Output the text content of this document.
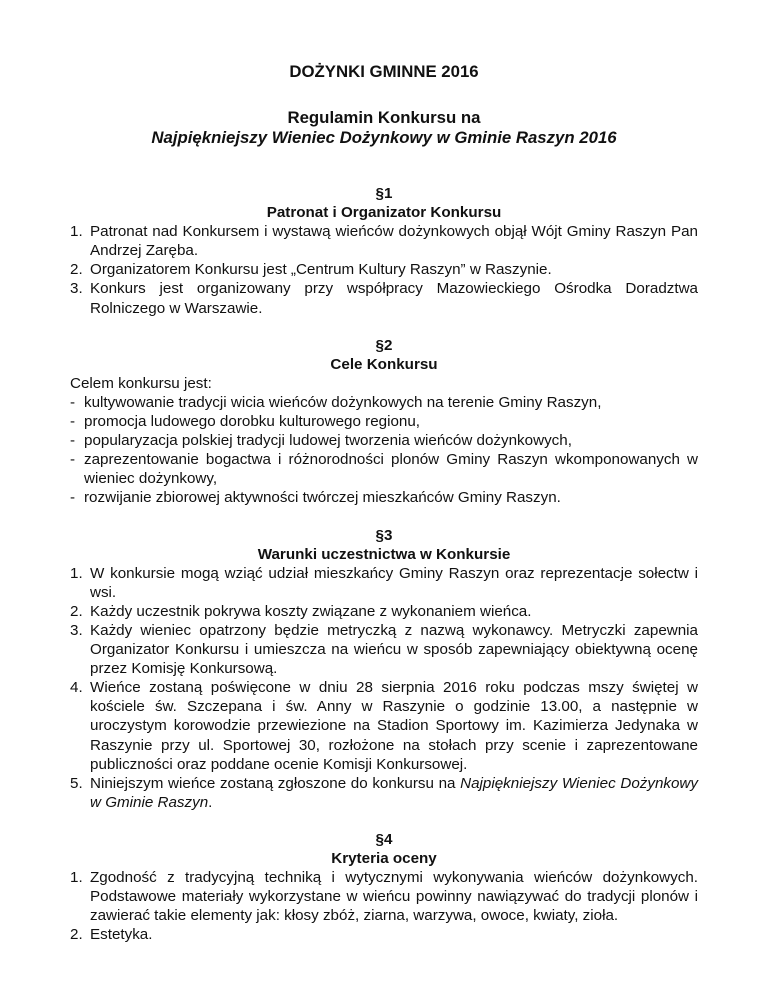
DOŻYNKI GMINNE 2016
Regulamin Konkursu na
Najpiękniejszy Wieniec Dożynkowy w Gminie Raszyn 2016
§1
Patronat i Organizator Konkursu
1. Patronat nad Konkursem i wystawą wieńców dożynkowych objął Wójt Gminy Raszyn Pan Andrzej Zaręba.
2. Organizatorem Konkursu jest „Centrum Kultury Raszyn” w Raszynie.
3. Konkurs jest organizowany przy współpracy Mazowieckiego Ośrodka Doradztwa Rolniczego w Warszawie.
§2
Cele Konkursu
Celem konkursu jest:
- kultywowanie tradycji wicia wieńców dożynkowych na terenie Gminy Raszyn,
- promocja ludowego dorobku kulturowego regionu,
- popularyzacja polskiej tradycji ludowej tworzenia wieńców dożynkowych,
- zaprezentowanie bogactwa i różnorodności plonów Gminy Raszyn wkomponowanych w wieniec dożynkowy,
- rozwijanie zbiorowej aktywności twórczej mieszkańców Gminy Raszyn.
§3
Warunki uczestnictwa w Konkursie
1. W konkursie mogą wziąć udział mieszkańcy Gminy Raszyn oraz reprezentacje sołectw i wsi.
2. Każdy uczestnik pokrywa koszty związane z wykonaniem wieńca.
3. Każdy wieniec opatrzony będzie metryczką z nazwą wykonawcy. Metryczki zapewnia Organizator Konkursu i umieszcza na wieńcu w sposób zapewniający obiektywną ocenę przez Komisję Konkursową.
4. Wieńce zostaną poświęcone w dniu 28 sierpnia 2016 roku podczas mszy świętej w kościele św. Szczepana i św. Anny w Raszynie o godzinie 13.00, a następnie w uroczystym korowodzie przewiezione na Stadion Sportowy im. Kazimierza Jedynaka w Raszynie przy ul. Sportowej 30, rozłożone na stołach przy scenie i zaprezentowane publiczności oraz poddane ocenie Komisji Konkursowej.
5. Niniejszym wieńce zostaną zgłoszone do konkursu na Najpiękniejszy Wieniec Dożynkowy w Gminie Raszyn.
§4
Kryteria oceny
1. Zgodność z tradycyjną techniką i wytycznymi wykonywania wieńców dożynkowych. Podstawowe materiały wykorzystane w wieńcu powinny nawiązywać do tradycji plonów i zawierać takie elementy jak: kłosy zbóż, ziarna, warzywa, owoce, kwiaty, zioła.
2. Estetyka.
